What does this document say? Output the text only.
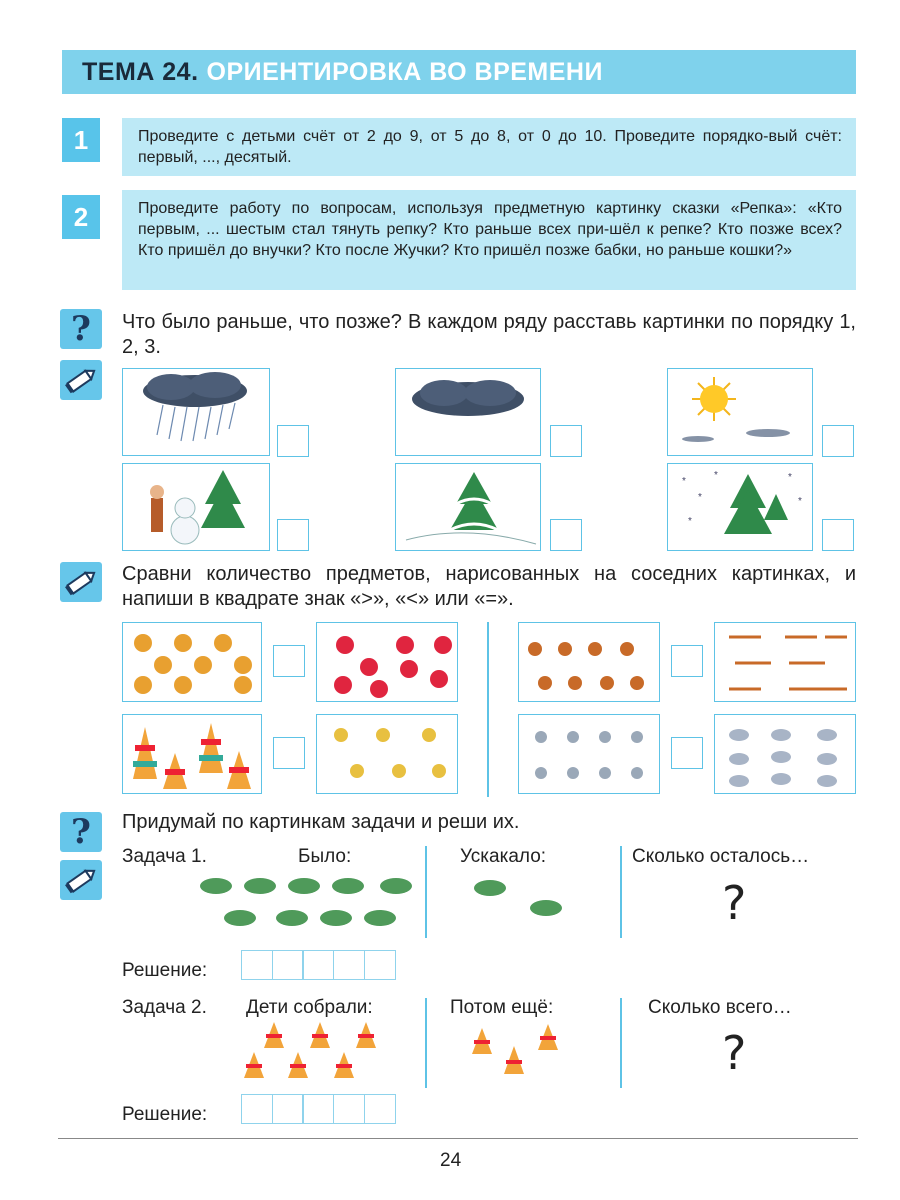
ТЕМА 24. ОРИЕНТИРОВКА ВО ВРЕМЕНИ
1	Проведите с детьми счёт от 2 до 9, от 5 до 8, от 0 до 10. Проведите порядко-вый счёт: первый, ..., десятый.
2	Проведите работу по вопросам, используя предметную картинку сказки «Репка»: «Кто первым, ... шестым стал тянуть репку? Кто раньше всех при-шёл к репке? Кто позже всех? Кто пришёл до внучки? Кто после Жучки? Кто пришёл позже бабки, но раньше кошки?»
? Что было раньше, что позже? В каждом ряду расставь картинки по порядку 1, 2, 3.
*
*
*
*
*
*
Сравни количество предметов, нарисованных на соседних картинках, и напиши в квадрате знак «>», «<» или «=».
? Придумай по картинкам задачи и реши их.
Задача 1.	Было:	Ускакало:	Сколько осталось…
?
Решение:
Задача 2. Дети собрали:	Потом ещё:	Сколько всего…
?
Решение:
24
